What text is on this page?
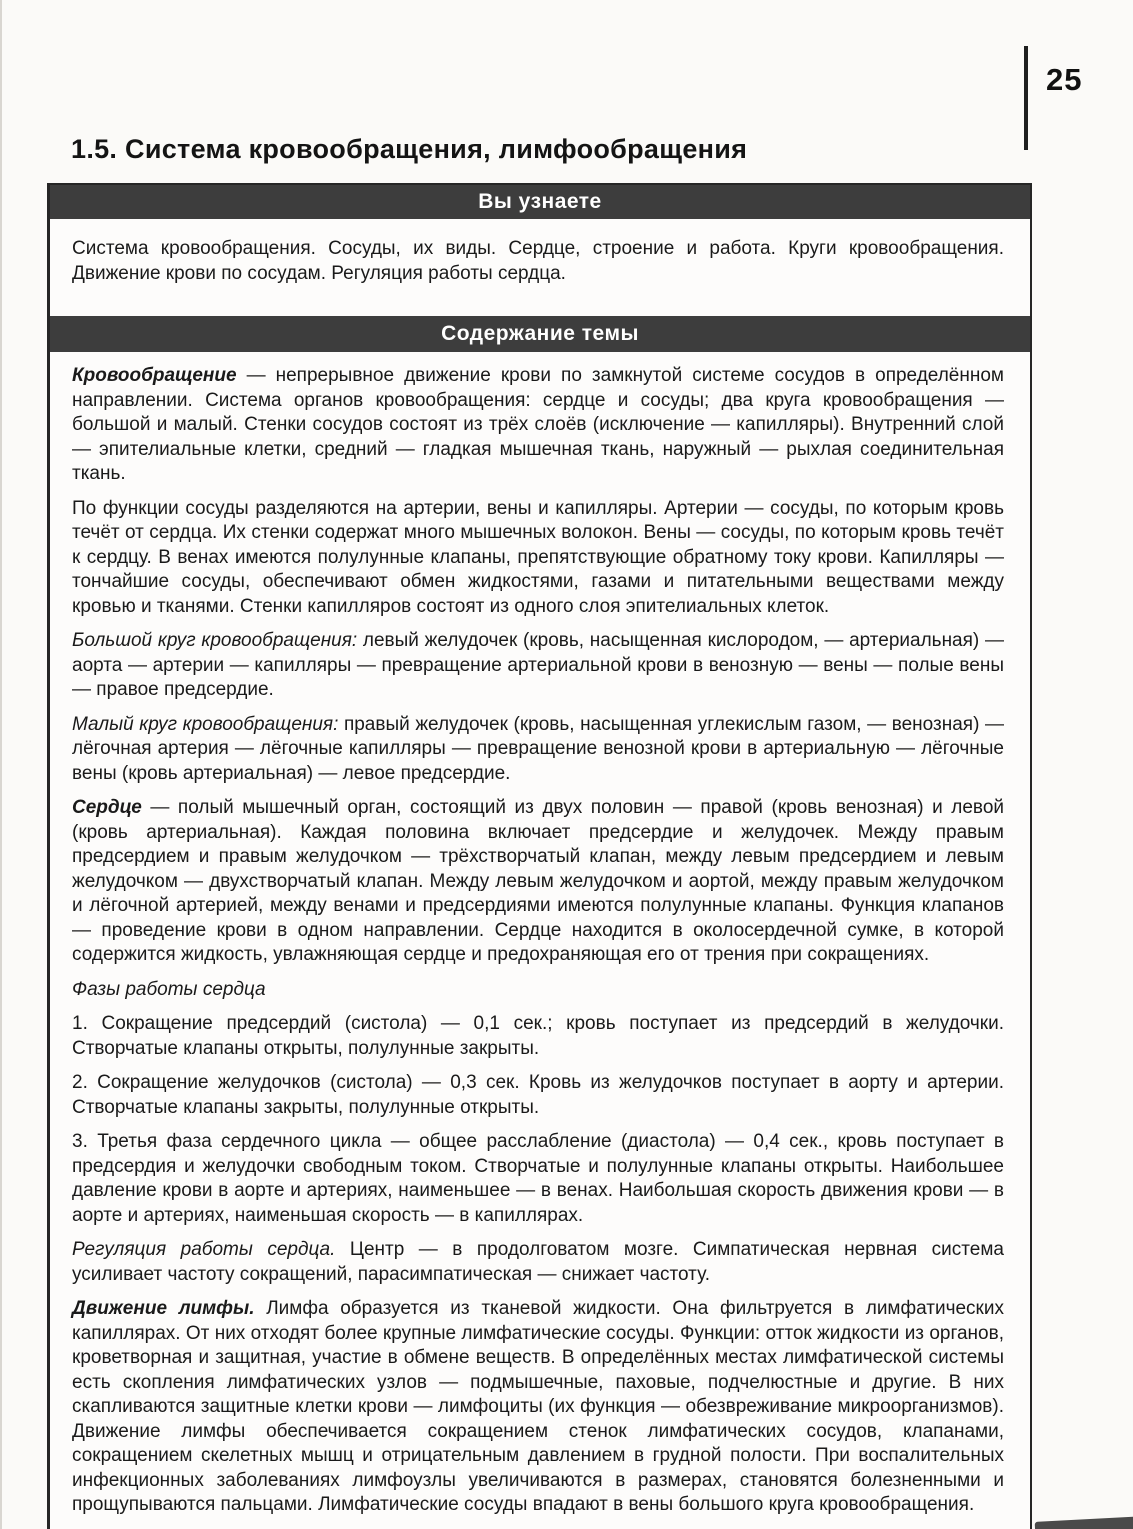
25
1.5. Система кровообращения, лимфообращения
Вы узнаете
Система кровообращения. Сосуды, их виды. Сердце, строение и работа. Круги кровообращения. Движение крови по сосудам. Регуляция работы сердца.
Содержание темы

Кровообращение — непрерывное движение крови по замкнутой системе сосудов в определённом направлении. Система органов кровообращения: сердце и сосуды; два круга кровообращения — большой и малый. Стенки сосудов состоят из трёх слоёв (исключение — капилляры). Внутренний слой — эпителиальные клетки, средний — гладкая мышечная ткань, наружный — рыхлая соединительная ткань.

По функции сосуды разделяются на артерии, вены и капилляры. Артерии — сосуды, по которым кровь течёт от сердца. Их стенки содержат много мышечных волокон. Вены — сосуды, по которым кровь течёт к сердцу. В венах имеются полулунные клапаны, препятствующие обратному току крови. Капилляры — тончайшие сосуды, обеспечивают обмен жидкостями, газами и питательными веществами между кровью и тканями. Стенки капилляров состоят из одного слоя эпителиальных клеток.

Большой круг кровообращения: левый желудочек (кровь, насыщенная кислородом, — артериальная) — аорта — артерии — капилляры — превращение артериальной крови в венозную — вены — полые вены — правое предсердие.

Малый круг кровообращения: правый желудочек (кровь, насыщенная углекислым газом, — венозная) — лёгочная артерия — лёгочные капилляры — превращение венозной крови в артериальную — лёгочные вены (кровь артериальная) — левое предсердие.

Сердце — полый мышечный орган, состоящий из двух половин — правой (кровь венозная) и левой (кровь артериальная). Каждая половина включает предсердие и желудочек. Между правым предсердием и правым желудочком — трёхстворчатый клапан, между левым предсердием и левым желудочком — двухстворчатый клапан. Между левым желудочком и аортой, между правым желудочком и лёгочной артерией, между венами и предсердиями имеются полулунные клапаны. Функция клапанов — проведение крови в одном направлении. Сердце находится в околосердечной сумке, в которой содержится жидкость, увлажняющая сердце и предохраняющая его от трения при сокращениях.

Фазы работы сердца

1. Сокращение предсердий (систола) — 0,1 сек.; кровь поступает из предсердий в желудочки. Створчатые клапаны открыты, полулунные закрыты.

2. Сокращение желудочков (систола) — 0,3 сек. Кровь из желудочков поступает в аорту и артерии. Створчатые клапаны закрыты, полулунные открыты.

3. Третья фаза сердечного цикла — общее расслабление (диастола) — 0,4 сек., кровь поступает в предсердия и желудочки свободным током. Створчатые и полулунные клапаны открыты. Наибольшее давление крови в аорте и артериях, наименьшее — в венах. Наибольшая скорость движения крови — в аорте и артериях, наименьшая скорость — в капиллярах.

Регуляция работы сердца. Центр — в продолговатом мозге. Симпатическая нервная система усиливает частоту сокращений, парасимпатическая — снижает частоту.

Движение лимфы. Лимфа образуется из тканевой жидкости. Она фильтруется в лимфатических капиллярах. От них отходят более крупные лимфатические сосуды. Функции: отток жидкости из органов, кроветворная и защитная, участие в обмене веществ. В определённых местах лимфатической системы есть скопления лимфатических узлов — подмышечные, паховые, подчелюстные и другие. В них скапливаются защитные клетки крови — лимфоциты (их функция — обезвреживание микроорганизмов). Движение лимфы обеспечивается сокращением стенок лимфатических сосудов, клапанами, сокращением скелетных мышц и отрицательным давлением в грудной полости. При воспалительных инфекционных заболеваниях лимфоузлы увеличиваются в размерах, становятся болезненными и прощупываются пальцами. Лимфатические сосуды впадают в вены большого круга кровообращения.
